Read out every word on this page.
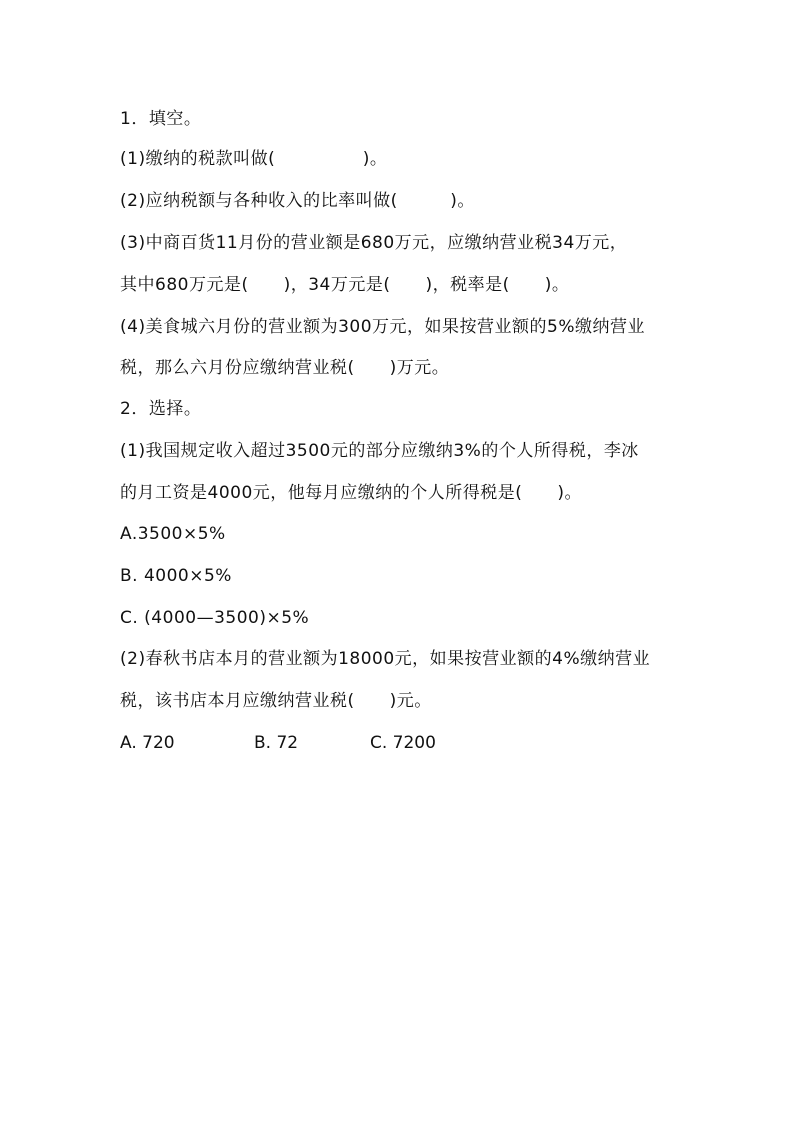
1．填空。
(1)缴纳的税款叫做(　　　　　)。
(2)应纳税额与各种收入的比率叫做(　　　)。
(3)中商百货11月份的营业额是680万元，应缴纳营业税34万元，
其中680万元是(　　)，34万元是(　　)，税率是(　　)。
(4)美食城六月份的营业额为300万元，如果按营业额的5%缴纳营业
税，那么六月份应缴纳营业税(　　)万元。
2．选择。
(1)我国规定收入超过3500元的部分应缴纳3%的个人所得税，李冰
的月工资是4000元，他每月应缴纳的个人所得税是(　　)。
A.3500×5%
B. 4000×5%
C. (4000—3500)×5%
(2)春秋书店本月的营业额为18000元，如果按营业额的4%缴纳营业
税，该书店本月应缴纳营业税(　　)元。

A. 720

	B. 72

	C. 7200
